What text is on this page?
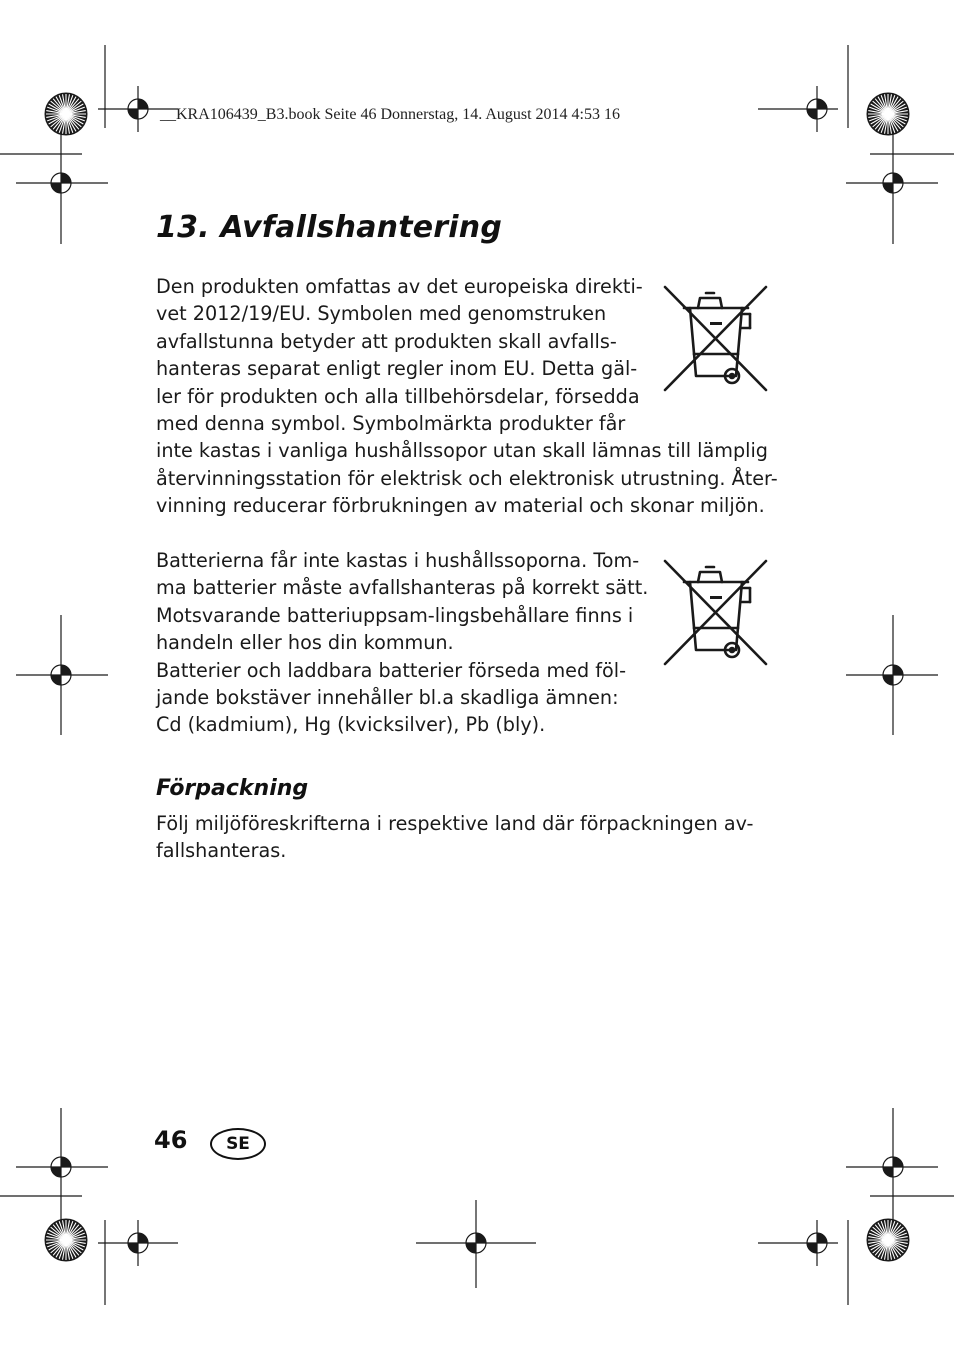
__KRA106439_B3.book Seite 46 Donnerstag, 14. August 2014 4:53 16
13. Avfallshantering
Den produkten omfattas av det europeiska direkti-
vet 2012/19/EU. Symbolen med genomstruken
avfallstunna betyder att produkten skall avfalls-
hanteras separat enligt regler inom EU. Detta gäl-
ler för produkten och alla tillbehörsdelar, försedda
med denna symbol. Symbolmärkta produkter får
inte kastas i vanliga hushållssopor utan skall lämnas till lämplig
återvinningsstation för elektrisk och elektronisk utrustning. Åter-
vinning reducerar förbrukningen av material och skonar miljön.
Batterierna får inte kastas i hushållssoporna. Tom-
ma batterier måste avfallshanteras på korrekt sätt.
Motsvarande batteriuppsam-lingsbehållare finns i
handeln eller hos din kommun.
Batterier och laddbara batterier förseda med föl-
jande bokstäver innehåller bl.a skadliga ämnen:
Cd (kadmium), Hg (kvicksilver), Pb (bly).
Förpackning
Följ miljöföreskrifterna i respektive land där förpackningen av-
fallshanteras.
46	SE
